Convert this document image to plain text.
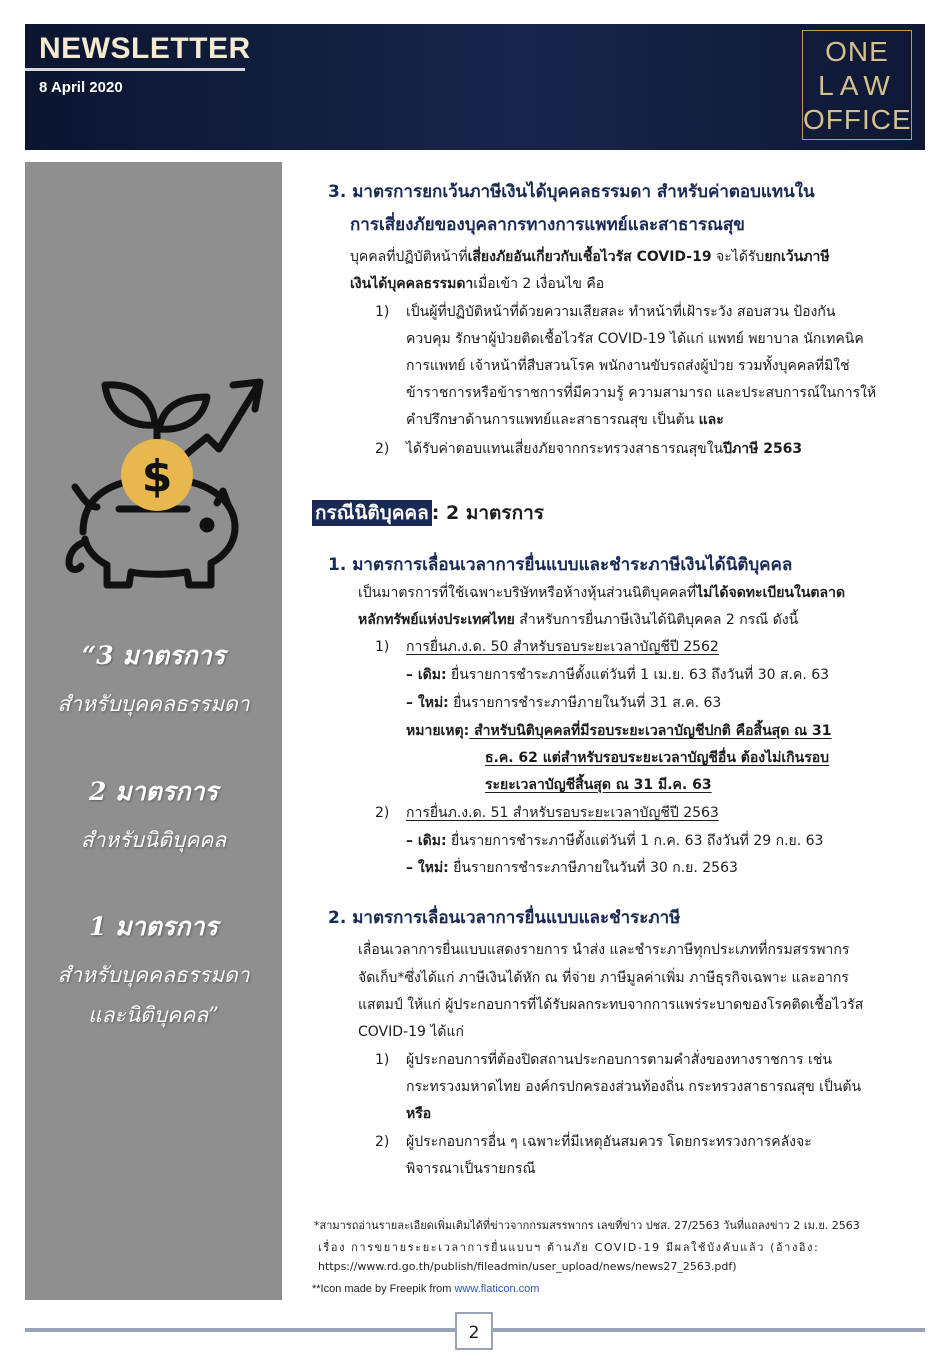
NEWSLETTER
8 April 2020
ONE
LAW
OFFICE
$
“3 มาตรการ
สำหรับบุคคลธรรมดา
2 มาตรการ
สำหรับนิติบุคคล
1 มาตรการ
สำหรับบุคคลธรรมดา
และนิติบุคคล”
3. มาตรการยกเว้นภาษีเงินได้บุคคลธรรมดา สำหรับค่าตอบแทนใน
การเสี่ยงภัยของบุคลากรทางการแพทย์และสาธารณสุข
บุคคลที่ปฏิบัติหน้าที่เสี่ยงภัยอันเกี่ยวกับเชื้อไวรัส COVID-19 จะได้รับยกเว้นภาษี
เงินได้บุคคลธรรมดาเมื่อเข้า 2 เงื่อนไข คือ
1) เป็นผู้ที่ปฏิบัติหน้าที่ด้วยความเสียสละ ทำหน้าที่เฝ้าระวัง สอบสวน ป้องกัน
ควบคุม รักษาผู้ป่วยติดเชื้อไวรัส COVID-19 ได้แก่ แพทย์ พยาบาล นักเทคนิค
การแพทย์ เจ้าหน้าที่สืบสวนโรค พนักงานขับรถส่งผู้ป่วย รวมทั้งบุคคลที่มิใช่
ข้าราชการหรือข้าราชการที่มีความรู้ ความสามารถ และประสบการณ์ในการให้
คำปรึกษาด้านการแพทย์และสาธารณสุข เป็นต้น และ
2) ได้รับค่าตอบแทนเสี่ยงภัยจากกระทรวงสาธารณสุขในปีภาษี 2563
กรณีนิติบุคคล : 2 มาตรการ
1. มาตรการเลื่อนเวลาการยื่นแบบและชำระภาษีเงินได้นิติบุคคล
เป็นมาตรการที่ใช้เฉพาะบริษัทหรือห้างหุ้นส่วนนิติบุคคลที่ไม่ได้จดทะเบียนในตลาด
หลักทรัพย์แห่งประเทศไทย สำหรับการยื่นภาษีเงินได้นิติบุคคล 2 กรณี ดังนี้
1) การยื่นภ.ง.ด. 50 สำหรับรอบระยะเวลาบัญชีปี 2562
– เดิม: ยื่นรายการชำระภาษีตั้งแต่วันที่ 1 เม.ย. 63 ถึงวันที่ 30 ส.ค. 63
– ใหม่: ยื่นรายการชำระภาษีภายในวันที่ 31 ส.ค. 63
หมายเหตุ: สำหรับนิติบุคคลที่มีรอบระยะเวลาบัญชีปกติ คือสิ้นสุด ณ 31
ธ.ค. 62 แต่สำหรับรอบระยะเวลาบัญชีอื่น ต้องไม่เกินรอบ
ระยะเวลาบัญชีสิ้นสุด ณ 31 มี.ค. 63
2) การยื่นภ.ง.ด. 51 สำหรับรอบระยะเวลาบัญชีปี 2563
– เดิม: ยื่นรายการชำระภาษีตั้งแต่วันที่ 1 ก.ค. 63 ถึงวันที่ 29 ก.ย. 63
– ใหม่: ยื่นรายการชำระภาษีภายในวันที่ 30 ก.ย. 2563
2. มาตรการเลื่อนเวลาการยื่นแบบและชำระภาษี
เลื่อนเวลาการยื่นแบบแสดงรายการ นำส่ง และชำระภาษีทุกประเภทที่กรมสรรพากร
จัดเก็บ*ซึ่งได้แก่ ภาษีเงินได้หัก ณ ที่จ่าย ภาษีมูลค่าเพิ่ม ภาษีธุรกิจเฉพาะ และอากร
แสตมป์ ให้แก่ ผู้ประกอบการที่ได้รับผลกระทบจากการแพร่ระบาดของโรคติดเชื้อไวรัส
COVID-19 ได้แก่
1) ผู้ประกอบการที่ต้องปิดสถานประกอบการตามคำสั่งของทางราชการ เช่น
กระทรวงมหาดไทย องค์กรปกครองส่วนท้องถิ่น กระทรวงสาธารณสุข เป็นต้น
หรือ
2) ผู้ประกอบการอื่น ๆ เฉพาะที่มีเหตุอันสมควร โดยกระทรวงการคลังจะ
พิจารณาเป็นรายกรณี
*สามารถอ่านรายละเอียดเพิ่มเติมได้ที่ข่าวจากกรมสรรพากร เลขที่ข่าว ปชส. 27/2563 วันที่แถลงข่าว 2 เม.ย. 2563
เรื่อง การขยายระยะเวลาการยื่นแบบฯ ต้านภัย COVID-19 มีผลใช้บังคับแล้ว (อ้างอิง:
https://www.rd.go.th/publish/fileadmin/user_upload/news/news27_2563.pdf)
**Icon made by Freepik from www.flaticon.com
2
